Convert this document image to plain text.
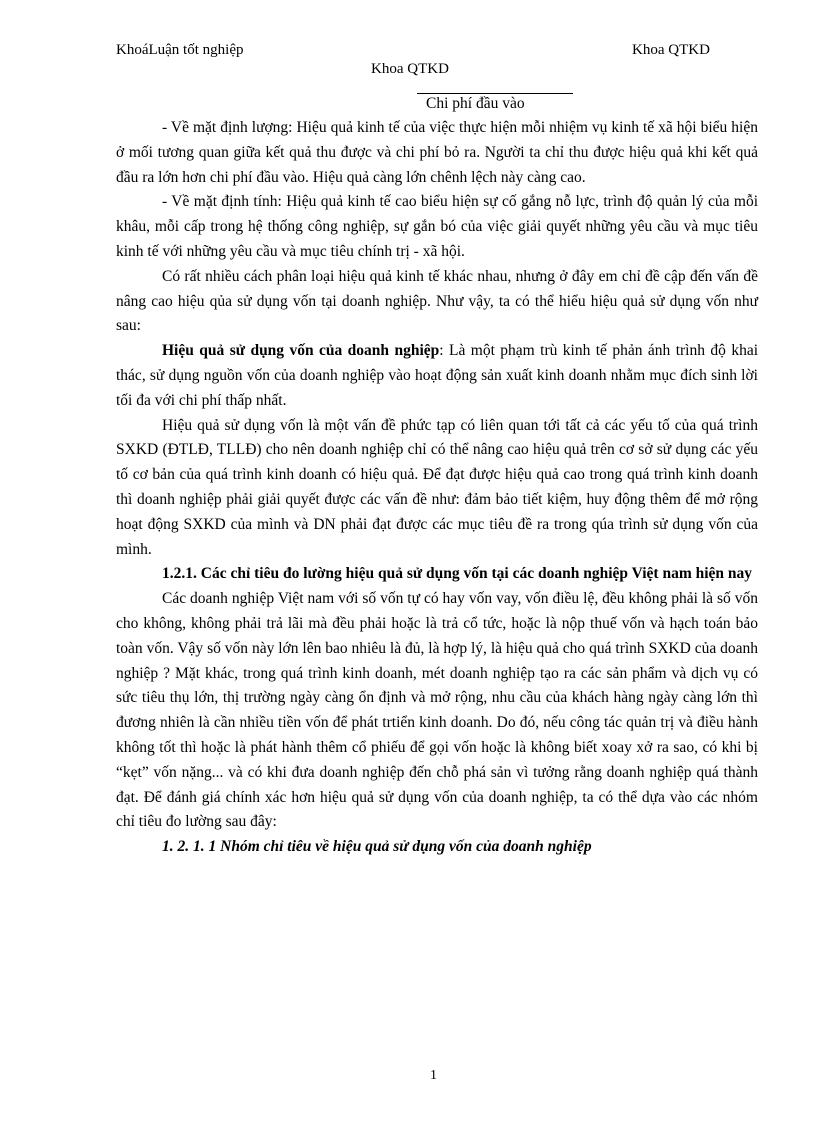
KhoáLuận tốt nghiệp	Khoa QTKD
Khoa QTKD
Chi phí đầu vào

- Về mặt định lượng: Hiệu quả kinh tế của việc thực hiện mỗi nhiệm vụ kinh tế xã hội biểu hiện ở mối tương quan giữa kết quả thu được và chi phí bỏ ra. Người ta chỉ thu được hiệu quả khi kết quả đầu ra lớn hơn chi phí đầu vào. Hiệu quả càng lớn chênh lệch này càng cao.

- Về mặt định tính: Hiệu quả kinh tế cao biểu hiện sự cố gắng nỗ lực, trình độ quản lý của mỗi khâu, mỗi cấp trong hệ thống công nghiệp, sự gắn bó của việc giải quyết những yêu cầu và mục tiêu kinh tế với những yêu cầu và mục tiêu chính trị - xã hội.

Có rất nhiều cách phân loại hiệu quả kinh tế khác nhau, nhưng ở đây em chỉ đề cập đến vấn đề nâng cao hiệu qủa sử dụng vốn tại doanh nghiệp. Như vậy, ta có thể hiểu hiệu quả sử dụng vốn như sau:

Hiệu quả sử dụng vốn của doanh nghiệp: Là một phạm trù kinh tế phản ánh trình độ khai thác, sử dụng nguồn vốn của doanh nghiệp vào hoạt động sản xuất kinh doanh nhằm mục đích sinh lời tối đa với chi phí thấp nhất.

Hiệu quả sử dụng vốn là một vấn đề phức tạp có liên quan tới tất cả các yếu tố của quá trình SXKD (ĐTLĐ, TLLĐ) cho nên doanh nghiệp chỉ có thể nâng cao hiệu quả trên cơ sở sử dụng các yếu tố cơ bản của quá trình kinh doanh có hiệu quả. Để đạt được hiệu quả cao trong quá trình kinh doanh thì doanh nghiệp phải giải quyết được các vấn đề như: đảm bảo tiết kiệm, huy động thêm để mở rộng hoạt động SXKD của mình và DN phải đạt được các mục tiêu đề ra trong qúa trình sử dụng vốn của mình.

1.2.1. Các chỉ tiêu đo lường hiệu quả sử dụng vốn tại các doanh nghiệp Việt nam hiện nay

Các doanh nghiệp Việt nam với số vốn tự có hay vốn vay, vốn điều lệ, đều không phải là số vốn cho không, không phải trả lãi mà đều phải hoặc là trả cổ tức, hoặc là nộp thuế vốn và hạch toán bảo toàn vốn. Vậy số vốn này lớn lên bao nhiêu là đủ, là hợp lý, là hiệu quả cho quá trình SXKD của doanh nghiệp ? Mặt khác, trong quá trình kinh doanh, mét doanh nghiệp tạo ra các sản phẩm và dịch vụ có sức tiêu thụ lớn, thị trường ngày càng ổn định và mở rộng, nhu cầu của khách hàng ngày càng lớn thì đương nhiên là cần nhiều tiền vốn để phát trtiển kinh doanh. Do đó, nếu công tác quản trị và điều hành không tốt thì hoặc là phát hành thêm cổ phiếu để gọi vốn hoặc là không biết xoay xở ra sao, có khi bị “kẹt” vốn nặng... và có khi đưa doanh nghiệp đến chỗ phá sản vì tưởng rằng doanh nghiệp quá thành đạt. Để đánh giá chính xác hơn hiệu quả sử dụng vốn của doanh nghiệp, ta có thể dựa vào các nhóm chỉ tiêu đo lường sau đây:

1. 2. 1. 1 Nhóm chỉ tiêu về hiệu quả sử dụng vốn của doanh nghiệp

1
